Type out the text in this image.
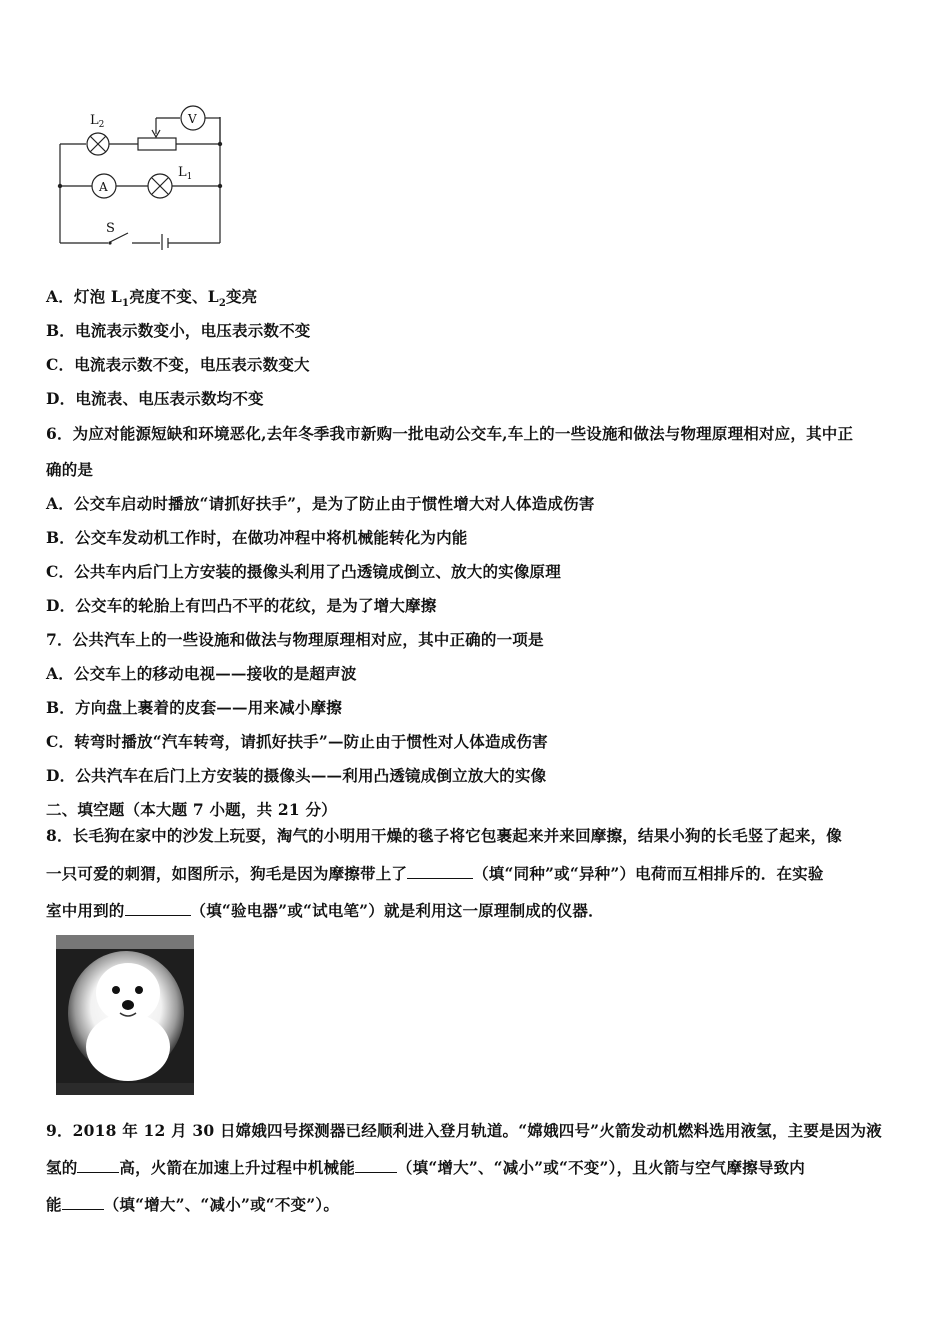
$L_2$	V
A
$L_1$
S
A．灯泡 $L_1$亮度不变、$L_2$变亮
B．电流表示数变小，电压表示数不变
C．电流表示数不变，电压表示数变大
D．电流表、电压表示数均不变
6．为应对能源短缺和环境恶化,去年冬季我市新购一批电动公交车,车上的一些设施和做法与物理原理相对应，其中正
确的是
A．公交车启动时播放“请抓好扶手”，是为了防止由于惯性增大对人体造成伤害
B．公交车发动机工作时，在做功冲程中将机械能转化为内能
C．公共车内后门上方安装的摄像头利用了凸透镜成倒立、放大的实像原理
D．公交车的轮胎上有凹凸不平的花纹，是为了增大摩擦
7．公共汽车上的一些设施和做法与物理原理相对应，其中正确的一项是
A．公交车上的移动电视——接收的是超声波
B．方向盘上裹着的皮套——用来减小摩擦
C．转弯时播放“汽车转弯，请抓好扶手”—防止由于惯性对人体造成伤害
D．公共汽车在后门上方安装的摄像头——利用凸透镜成倒立放大的实像
二、填空题（本大题 7 小题，共 21 分）
8．长毛狗在家中的沙发上玩耍，淘气的小明用干燥的毯子将它包裹起来并来回摩擦，结果小狗的长毛竖了起来，像
一只可爱的刺猬，如图所示，狗毛是因为摩擦带上了	（填“同种”或“异种”）电荷而互相排斥的．在实验
室中用到的	（填“验电器”或“试电笔”）就是利用这一原理制成的仪器．
9．2018 年 12 月 30 日嫦娥四号探测器已经顺利进入登月轨道。“嫦娥四号”火箭发动机燃料选用液氢，主要是因为液
氢的	高，火箭在加速上升过程中机械能	（填“增大”、“减小”或“不变”），且火箭与空气摩擦导致内
能	（填“增大”、“减小”或“不变”）。
